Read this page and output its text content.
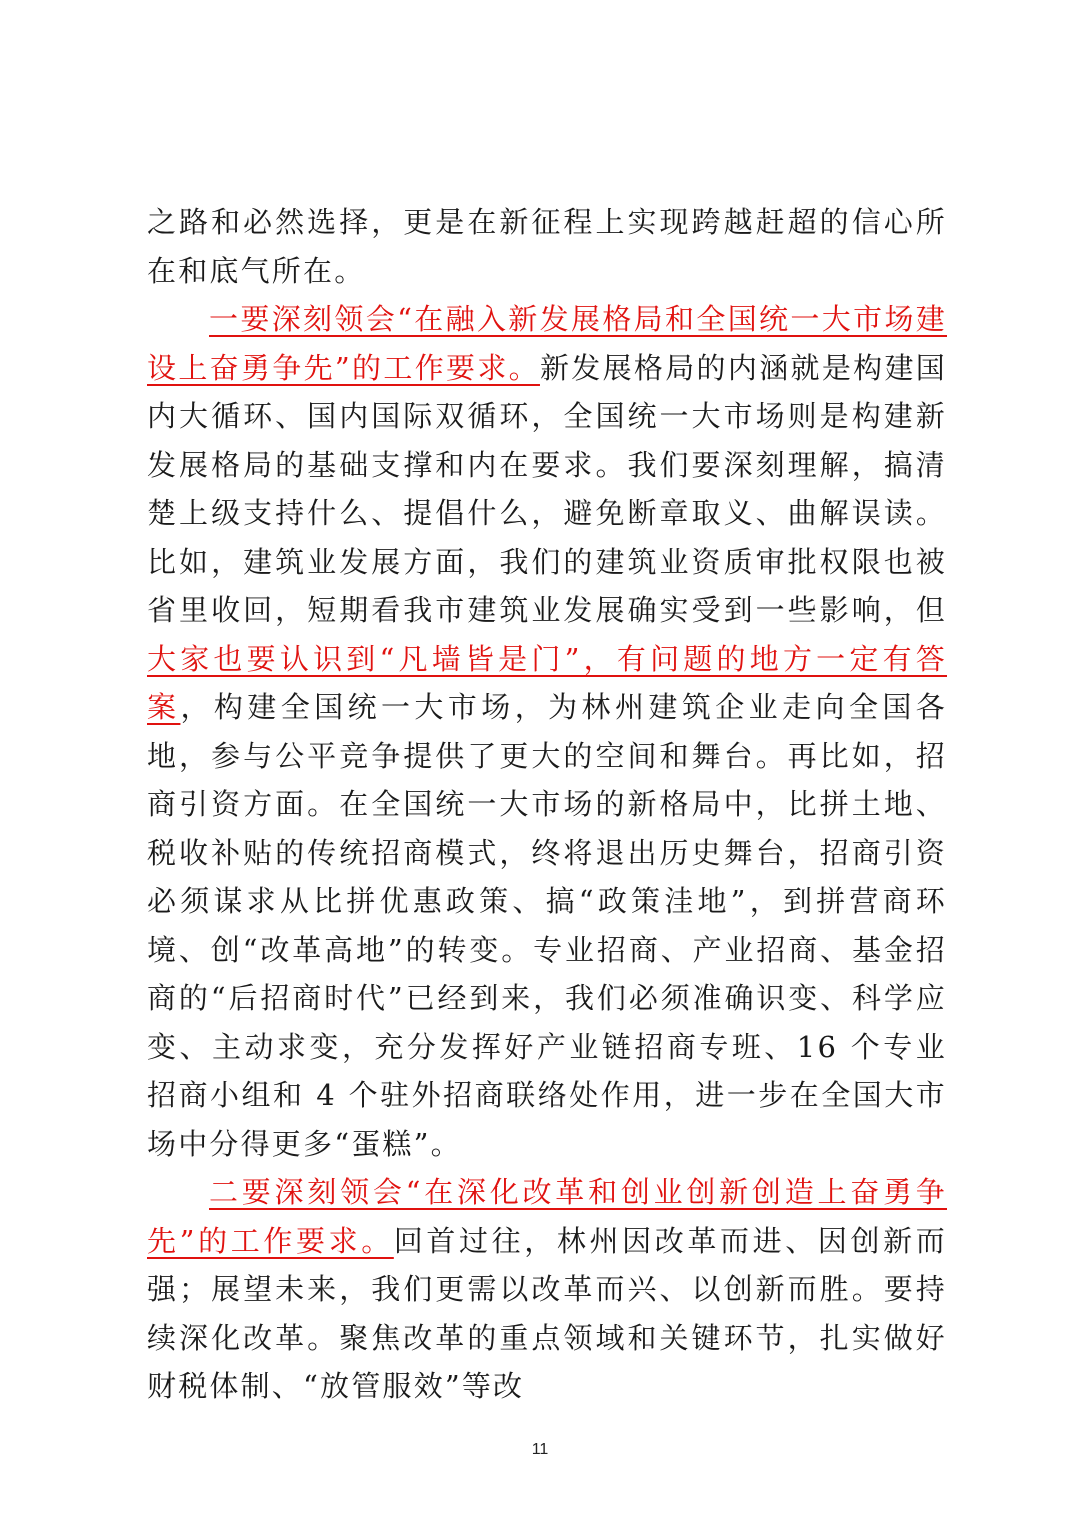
之路和必然选择，更是在新征程上实现跨越赶超的信心所在和底气所在。

一要深刻领会“在融入新发展格局和全国统一大市场建设上奋勇争先”的工作要求。新发展格局的内涵就是构建国内大循环、国内国际双循环，全国统一大市场则是构建新发展格局的基础支撑和内在要求。我们要深刻理解，搞清楚上级支持什么、提倡什么，避免断章取义、曲解误读。比如，建筑业发展方面，我们的建筑业资质审批权限也被省里收回，短期看我市建筑业发展确实受到一些影响，但大家也要认识到“凡墙皆是门”，有问题的地方一定有答案，构建全国统一大市场，为林州建筑企业走向全国各地，参与公平竞争提供了更大的空间和舞台。再比如，招商引资方面。在全国统一大市场的新格局中，比拼土地、税收补贴的传统招商模式，终将退出历史舞台，招商引资必须谋求从比拼优惠政策、搞“政策洼地”，到拼营商环境、创“改革高地”的转变。专业招商、产业招商、基金招商的“后招商时代”已经到来，我们必须准确识变、科学应变、主动求变，充分发挥好产业链招商专班、16 个专业招商小组和 4 个驻外招商联络处作用，进一步在全国大市场中分得更多“蛋糕”。

二要深刻领会“在深化改革和创业创新创造上奋勇争先”的工作要求。回首过往，林州因改革而进、因创新而强；展望未来，我们更需以改革而兴、以创新而胜。要持续深化改革。聚焦改革的重点领域和关键环节，扎实做好财税体制、“放管服效”等改

11
